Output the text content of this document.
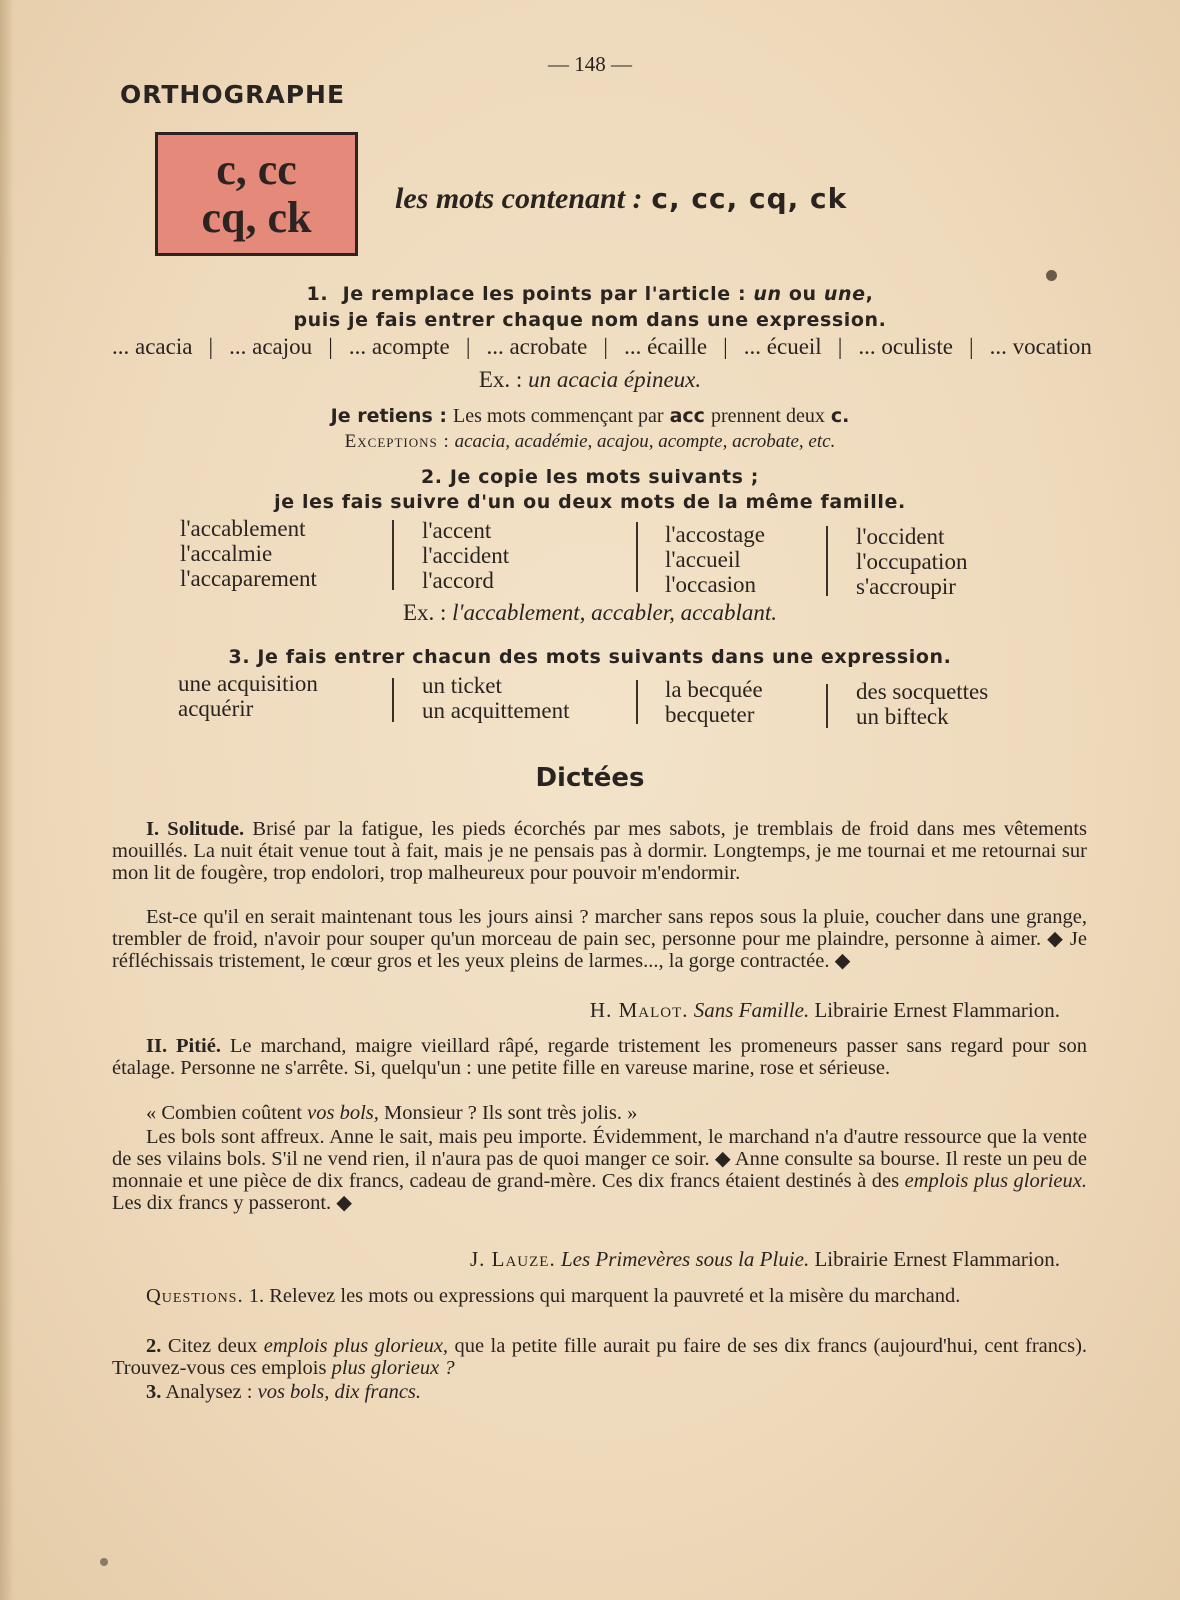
— 148 —
ORTHOGRAPHE
c, cc
cq, ck	les mots contenant : c, cc, cq, ck
1. Je remplace les points par l'article : un ou une,
puis je fais entrer chaque nom dans une expression.
... acacia | ... acajou | ... acompte | ... acrobate | ... écaille | ... écueil | ... oculiste | ... vocation
Ex. : un acacia épineux.
Je retiens : Les mots commençant par acc prennent deux c.
Exceptions : acacia, académie, acajou, acompte, acrobate, etc.
2. Je copie les mots suivants ;
je les fais suivre d'un ou deux mots de la même famille.
l'accablement
l'accalmie
l'accaparement
l'accent
l'accident
l'accord
l'accostage
l'accueil
l'occasion
l'occident
l'occupation
s'accroupir
Ex. : l'accablement, accabler, accablant.
3. Je fais entrer chacun des mots suivants dans une expression.
une acquisition
acquérir
un ticket
un acquittement
la becquée
becqueter
des socquettes
un bifteck
Dictées

I. Solitude. Brisé par la fatigue, les pieds écorchés par mes sabots, je tremblais de froid dans mes vêtements mouillés. La nuit était venue tout à fait, mais je ne pensais pas à dormir. Longtemps, je me tournai et me retournai sur mon lit de fougère, trop endolori, trop malheureux pour pouvoir m'endormir.

Est-ce qu'il en serait maintenant tous les jours ainsi ? marcher sans repos sous la pluie, coucher dans une grange, trembler de froid, n'avoir pour souper qu'un morceau de pain sec, personne pour me plaindre, personne à aimer. ◆ Je réfléchissais tristement, le cœur gros et les yeux pleins de larmes..., la gorge contractée. ◆

H. Malot. Sans Famille. Librairie Ernest Flammarion.

II. Pitié. Le marchand, maigre vieillard râpé, regarde tristement les promeneurs passer sans regard pour son étalage. Personne ne s'arrête. Si, quelqu'un : une petite fille en vareuse marine, rose et sérieuse.

« Combien coûtent vos bols, Monsieur ? Ils sont très jolis. »

Les bols sont affreux. Anne le sait, mais peu importe. Évidemment, le marchand n'a d'autre ressource que la vente de ses vilains bols. S'il ne vend rien, il n'aura pas de quoi manger ce soir. ◆ Anne consulte sa bourse. Il reste un peu de monnaie et une pièce de dix francs, cadeau de grand-mère. Ces dix francs étaient destinés à des emplois plus glorieux. Les dix francs y passeront. ◆

J. Lauze. Les Primevères sous la Pluie. Librairie Ernest Flammarion.

Questions. 1. Relevez les mots ou expressions qui marquent la pauvreté et la misère du marchand.

2. Citez deux emplois plus glorieux, que la petite fille aurait pu faire de ses dix francs (aujourd'hui, cent francs). Trouvez-vous ces emplois plus glorieux ?

3. Analysez : vos bols, dix francs.
